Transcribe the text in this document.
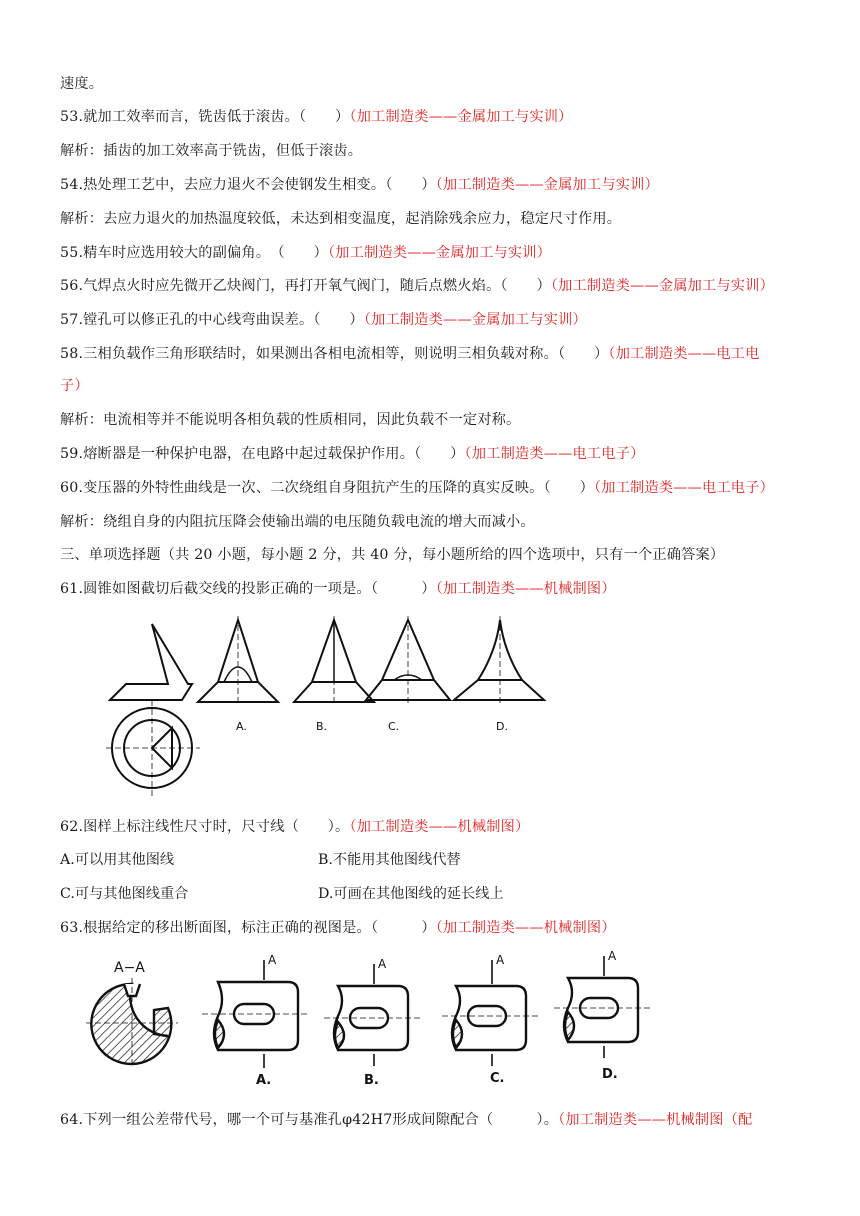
速度。
53.就加工效率而言，铣齿低于滚齿。（　　）（加工制造类——金属加工与实训）
解析：插齿的加工效率高于铣齿，但低于滚齿。
54.热处理工艺中，去应力退火不会使钢发生相变。（　　）（加工制造类——金属加工与实训）
解析：去应力退火的加热温度较低，未达到相变温度，起消除残余应力，稳定尺寸作用。
55.精车时应选用较大的副偏角。　（　　）（加工制造类——金属加工与实训）
56.气焊点火时应先微开乙炔阀门，再打开氧气阀门，随后点燃火焰。（　　）（加工制造类——金属加工与实训）
57.镗孔可以修正孔的中心线弯曲误差。（　　）（加工制造类——金属加工与实训）
58.三相负载作三角形联结时，如果测出各相电流相等，则说明三相负载对称。（　　）（加工制造类——电工电
子）
解析：电流相等并不能说明各相负载的性质相同，因此负载不一定对称。
59.熔断器是一种保护电器，在电路中起过载保护作用。（　　）（加工制造类——电工电子）
60.变压器的外特性曲线是一次、二次绕组自身阻抗产生的压降的真实反映。（　　）（加工制造类——电工电子）
解析：绕组自身的内阻抗压降会使输出端的电压随负载电流的增大而减小。
三、单项选择题（共 20 小题，每小题 2 分，共 40 分，每小题所给的四个选项中，只有一个正确答案）
61.圆锥如图截切后截交线的投影正确的一项是。（　　　）（加工制造类——机械制图）
A.	B.	C.	D.
62.图样上标注线性尺寸时，尺寸线（　　）。（加工制造类——机械制图）
A.可以用其他图线	B.不能用其他图线代替
C.可与其他图线重合	D.可画在其他图线的延长线上
63.根据给定的移出断面图，标注正确的视图是。（　　　）（加工制造类——机械制图）
A−A
A.	B.	C.	D.
A	A	A	A
64.下列一组公差带代号，哪一个可与基准孔φ42H7形成间隙配合（　　　）。（加工制造类——机械制图（配
